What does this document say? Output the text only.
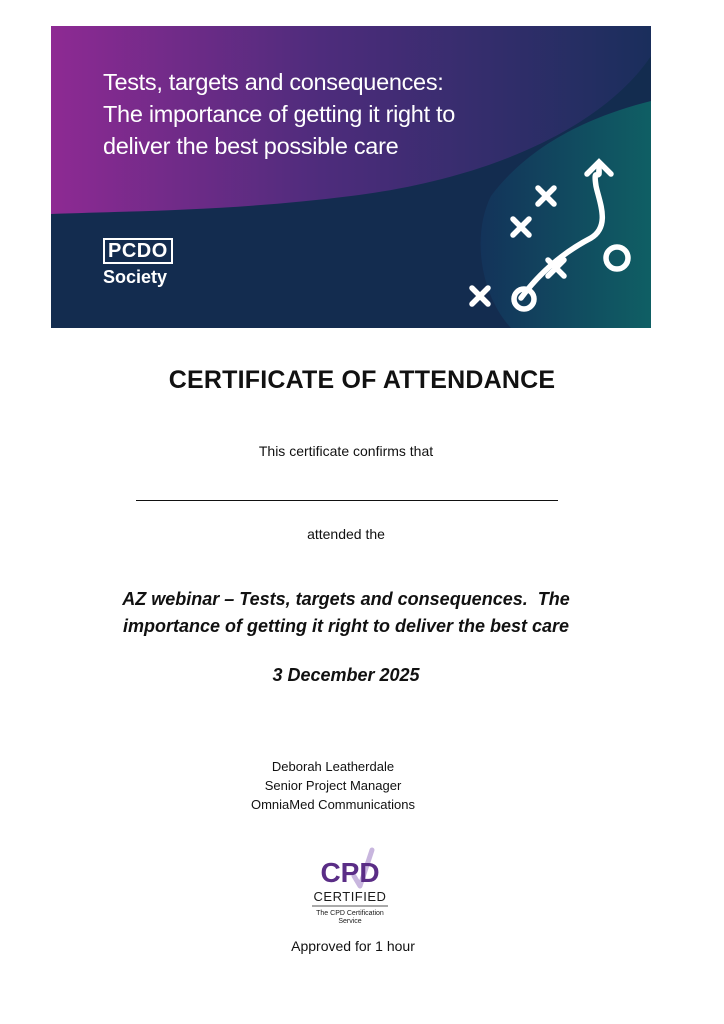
Tests, targets and consequences:
The importance of getting it right to
deliver the best possible care
PCDO
Society
CERTIFICATE OF ATTENDANCE
This certificate confirms that
attended the
AZ webinar – Tests, targets and consequences.  The
importance of getting it right to deliver the best care
3 December 2025
Deborah Leatherdale
Senior Project Manager
OmniaMed Communications
CPD
CERTIFIED
The CPD Certification
Service
Approved for 1 hour
